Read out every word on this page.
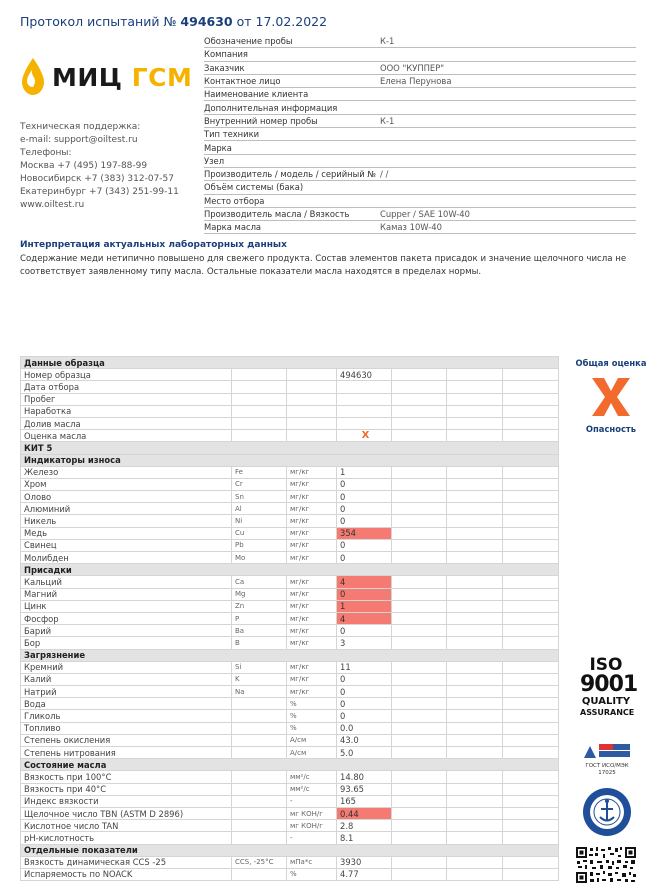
Протокол испытаний № 494630 от 17.02.2022
МИЦ ГСМ
Техническая поддержка:
e-mail: support@oiltest.ru
Телефоны:
Москва +7 (495) 197-88-99
Новосибирск +7 (383) 312-07-57
Екатеринбург +7 (343) 251-99-11
www.oiltest.ru
Обозначение пробы	К-1
Компания
Заказчик	ООО "КУППЕР"
Контактное лицо	Елена Перунова
Наименование клиента
Дополнительная информация
Внутренний номер пробы	К-1
Тип техники
Марка
Узел
Производитель / модель / серийный № / /
Объём системы (бака)
Место отбора
Производитель масла / Вязкость	Cupper / SAE 10W-40
Марка масла	Камаз 10W-40
Интерпретация актуальных лабораторных данных
Содержание меди нетипично повышено для свежего продукта. Состав элементов пакета присадок и значение щелочного числа не соответствует заявленному типу масла. Остальные показатели масла находятся в пределах нормы.
Данные образца						
Номер образца			494630			
Дата отбора						
Пробег						
Наработка						
Долив масла						
Оценка масла			X			
КИТ 5						
Индикаторы износа						
Железо	Fe	мг/кг	1			
Хром	Cr	мг/кг	0			
Олово	Sn	мг/кг	0			
Алюминий	Al	мг/кг	0			
Никель	Ni	мг/кг	0			
Медь	Cu	мг/кг	354			
Свинец	Pb	мг/кг	0			
Молибден	Mo	мг/кг	0			
Присадки						
Кальций	Ca	мг/кг	4			
Магний	Mg	мг/кг	0			
Цинк	Zn	мг/кг	1			
Фосфор	P	мг/кг	4			
Барий	Ba	мг/кг	0			
Бор	B	мг/кг	3			
Загрязнение						
Кремний	Si	мг/кг	11			
Калий	K	мг/кг	0			
Натрий	Na	мг/кг	0			
Вода		%	0			
Гликоль		%	0			
Топливо		%	0.0			
Степень окисления		A/см	43.0			
Степень нитрования		A/см	5.0			
Состояние масла						
Вязкость при 100°С		мм²/с	14.80			
Вязкость при 40°С		мм²/с	93.65			
Индекс вязкости		-	165			
Щелочное число TBN (ASTM D 2896)		мг КОН/г	0.44			
Кислотное число TAN		мг КОН/г	2.8			
pH-кислотность		-	8.1			
Отдельные показатели						
Вязкость динамическая CCS -25	CCS, -25°C	мПа*с	3930			
Испаряемость по NOACK		%	4.77			
Общая оценка
Опасность
ISO
9001
QUALITY
ASSURANCE
ГОСТ ИСО/МЭК
17025
